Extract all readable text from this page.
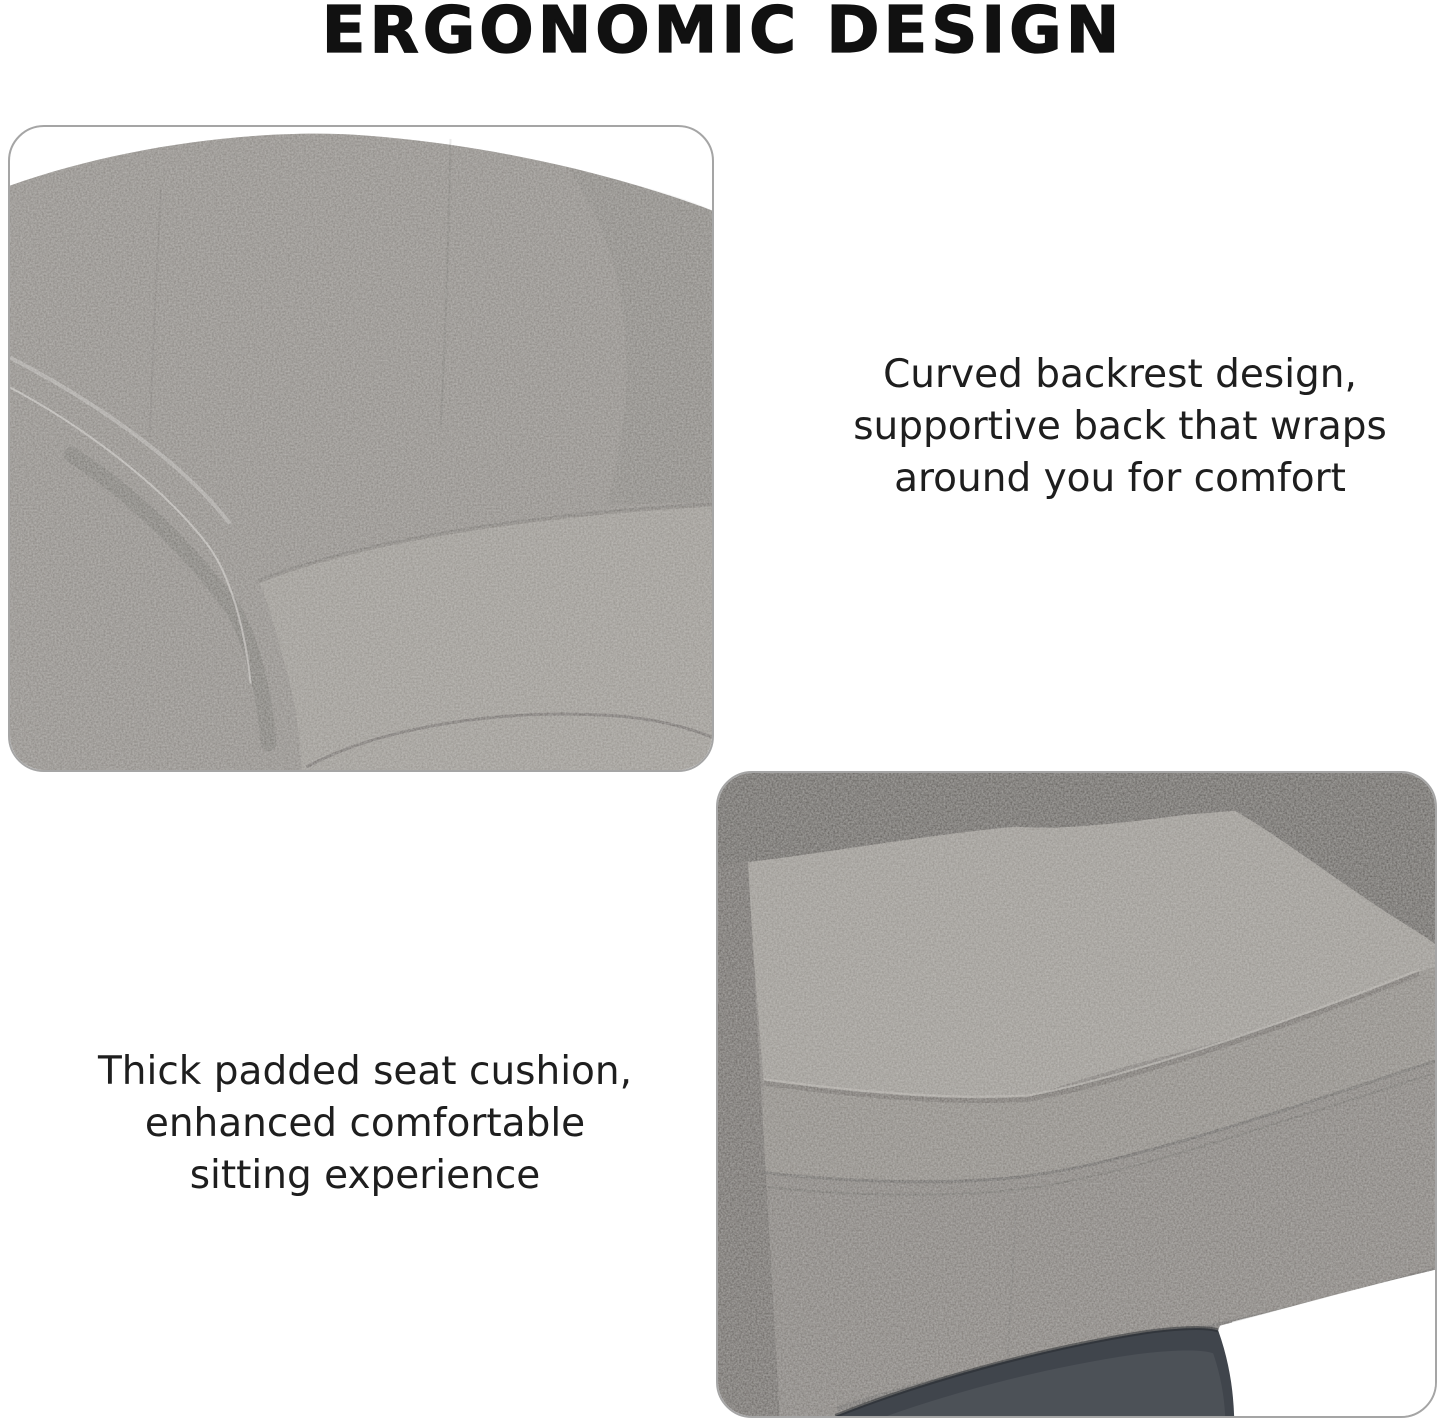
ERGONOMIC DESIGN
Curved backrest design,
supportive back that wraps
around you for comfort
Thick padded seat cushion,
enhanced comfortable
sitting experience
